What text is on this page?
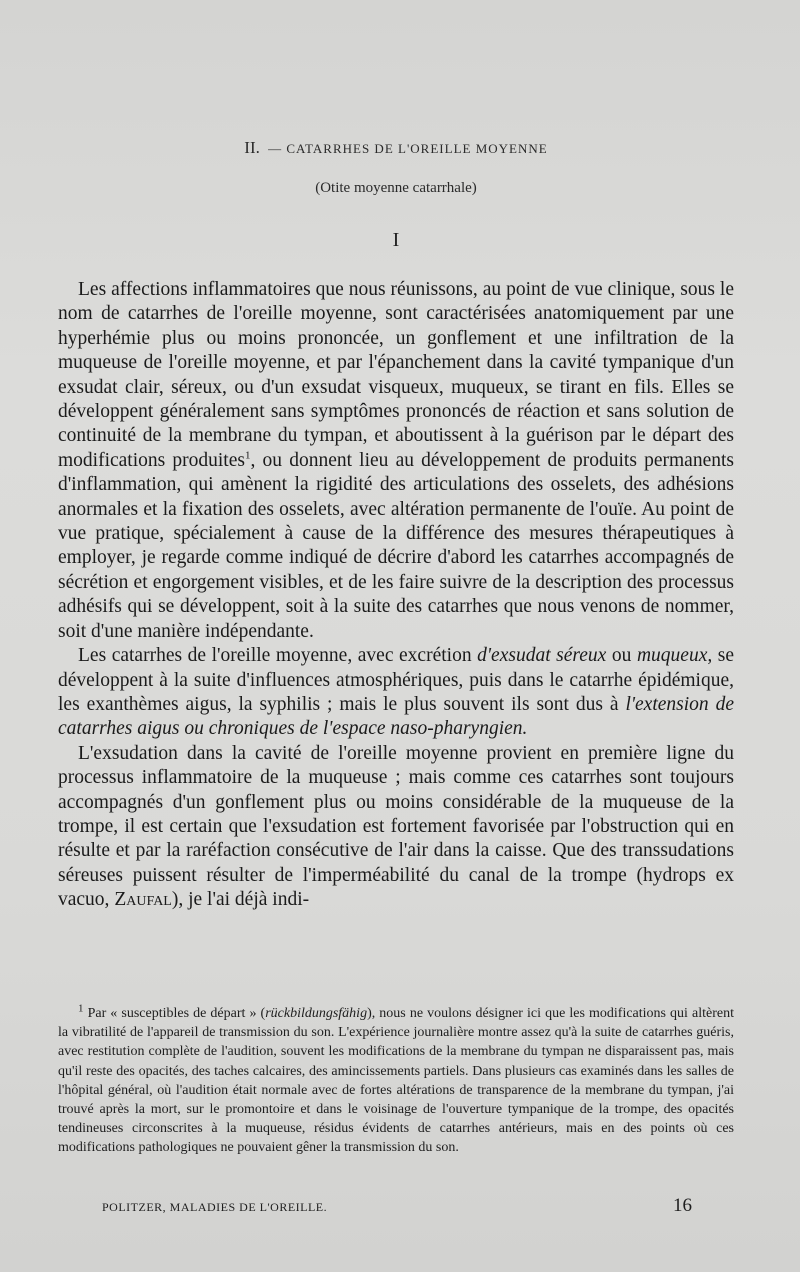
II. — CATARRHES DE L'OREILLE MOYENNE
(Otite moyenne catarrhale)
I

Les affections inflammatoires que nous réunissons, au point de vue clinique, sous le nom de catarrhes de l'oreille moyenne, sont caractérisées anatomiquement par une hyperhémie plus ou moins prononcée, un gonflement et une infiltration de la muqueuse de l'oreille moyenne, et par l'épanchement dans la cavité tympanique d'un exsudat clair, séreux, ou d'un exsudat visqueux, muqueux, se tirant en fils. Elles se développent généralement sans symptômes prononcés de réaction et sans solution de continuité de la membrane du tympan, et aboutissent à la guérison par le départ des modifications produites$^1$, ou donnent lieu au développement de produits permanents d'inflammation, qui amènent la rigidité des articulations des osselets, des adhésions anormales et la fixation des osselets, avec altération permanente de l'ouïe. Au point de vue pratique, spécialement à cause de la différence des mesures thérapeutiques à employer, je regarde comme indiqué de décrire d'abord les catarrhes accompagnés de sécrétion et engorgement visibles, et de les faire suivre de la description des processus adhésifs qui se développent, soit à la suite des catarrhes que nous venons de nommer, soit d'une manière indépendante.

Les catarrhes de l'oreille moyenne, avec excrétion d'exsudat séreux ou muqueux, se développent à la suite d'influences atmosphériques, puis dans le catarrhe épidémique, les exanthèmes aigus, la syphilis ; mais le plus souvent ils sont dus à l'extension de catarrhes aigus ou chroniques de l'espace naso-pharyngien.

L'exsudation dans la cavité de l'oreille moyenne provient en première ligne du processus inflammatoire de la muqueuse ; mais comme ces catarrhes sont toujours accompagnés d'un gonflement plus ou moins considérable de la muqueuse de la trompe, il est certain que l'exsudation est fortement favorisée par l'obstruction qui en résulte et par la raréfaction consécutive de l'air dans la caisse. Que des transsudations séreuses puissent résulter de l'imperméabilité du canal de la trompe (hydrops ex vacuo, Zaufal), je l'ai déjà indi-

$^1$ Par « susceptibles de départ » (rückbildungsfähig), nous ne voulons désigner ici que les modifications qui altèrent la vibratilité de l'appareil de transmission du son. L'expérience journalière montre assez qu'à la suite de catarrhes guéris, avec restitution complète de l'audition, souvent les modifications de la membrane du tympan ne disparaissent pas, mais qu'il reste des opacités, des taches calcaires, des amincissements partiels. Dans plusieurs cas examinés dans les salles de l'hôpital général, où l'audition était normale avec de fortes altérations de transparence de la membrane du tympan, j'ai trouvé après la mort, sur le promontoire et dans le voisinage de l'ouverture tympanique de la trompe, des opacités tendineuses circonscrites à la muqueuse, résidus évidents de catarrhes antérieurs, mais en des points où ces modifications pathologiques ne pouvaient gêner la transmission du son.

POLITZER, MALADIES DE L'OREILLE.	16
